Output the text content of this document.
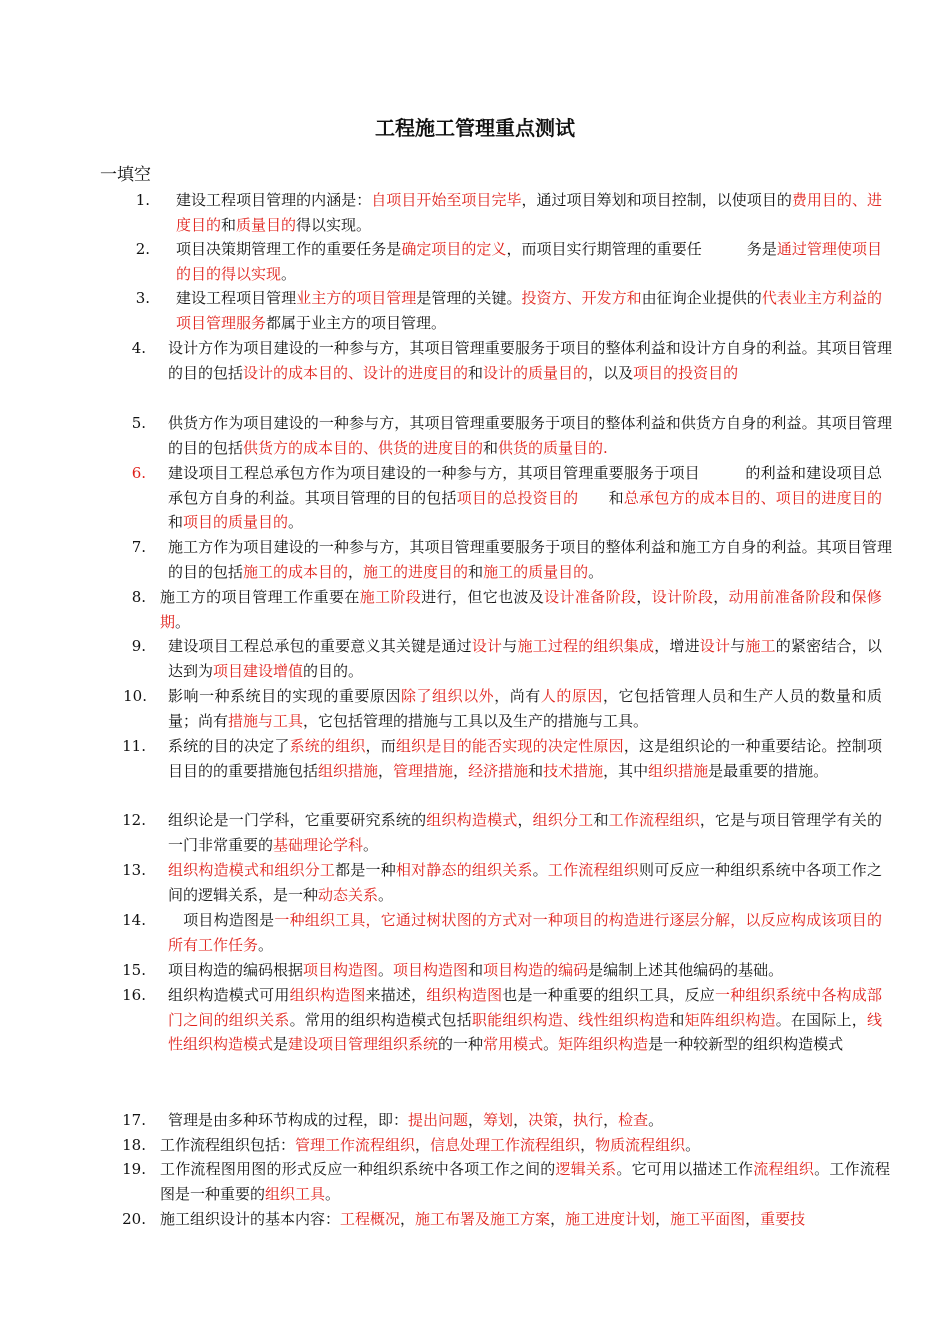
工程施工管理重点测试
一填空
1. 建设工程项目管理的内涵是：自项目开始至项目完毕，通过项目筹划和项目控制，以使项目的费用目的、进度目的和质量目的得以实现。
2. 项目决策期管理工作的重要任务是确定项目的定义，而项目实行期管理的重要任　　　务是通过管理使项目的目的得以实现。
3. 建设工程项目管理业主方的项目管理是管理的关键。投资方、开发方和由征询企业提供的代表业主方利益的项目管理服务都属于业主方的项目管理。
4. 设计方作为项目建设的一种参与方，其项目管理重要服务于项目的整体利益和设计方自身的利益。其项目管理的目的包括设计的成本目的、设计的进度目的和设计的质量目的，以及项目的投资目的
5. 供货方作为项目建设的一种参与方，其项目管理重要服务于项目的整体利益和供货方自身的利益。其项目管理的目的包括供货方的成本目的、供货的进度目的和供货的质量目的.
6. 建设项目工程总承包方作为项目建设的一种参与方，其项目管理重要服务于项目　　　的利益和建设项目总承包方自身的利益。其项目管理的目的包括项目的总投资目的　　和总承包方的成本目的、项目的进度目的和项目的质量目的。
7. 施工方作为项目建设的一种参与方，其项目管理重要服务于项目的整体利益和施工方自身的利益。其项目管理的目的包括施工的成本目的，施工的进度目的和施工的质量目的。
8. 施工方的项目管理工作重要在施工阶段进行，但它也波及设计准备阶段，设计阶段，动用前准备阶段和保修期。
9. 建设项目工程总承包的重要意义其关键是通过设计与施工过程的组织集成，增进设计与施工的紧密结合，以达到为项目建设增值的目的。
10. 影响一种系统目的实现的重要原因除了组织以外，尚有人的原因，它包括管理人员和生产人员的数量和质量；尚有措施与工具，它包括管理的措施与工具以及生产的措施与工具。
11. 系统的目的决定了系统的组织，而组织是目的能否实现的决定性原因，这是组织论的一种重要结论。控制项目目的的重要措施包括组织措施，管理措施，经济措施和技术措施，其中组织措施是最重要的措施。
12. 组织论是一门学科，它重要研究系统的组织构造模式，组织分工和工作流程组织，它是与项目管理学有关的一门非常重要的基础理论学科。
13. 组织构造模式和组织分工都是一种相对静态的组织关系。工作流程组织则可反应一种组织系统中各项工作之间的逻辑关系，是一种动态关系。
14. 　项目构造图是一种组织工具，它通过树状图的方式对一种项目的构造进行逐层分解，以反应构成该项目的所有工作任务。
15. 项目构造的编码根据项目构造图。项目构造图和项目构造的编码是编制上述其他编码的基础。
16. 组织构造模式可用组织构造图来描述，组织构造图也是一种重要的组织工具，反应一种组织系统中各构成部门之间的组织关系。常用的组织构造模式包括职能组织构造、线性组织构造和矩阵组织构造。在国际上，线性组织构造模式是建设项目管理组织系统的一种常用模式。矩阵组织构造是一种较新型的组织构造模式
17. 管理是由多种环节构成的过程，即：提出问题，筹划，决策，执行，检查。
18. 工作流程组织包括：管理工作流程组织，信息处理工作流程组织，物质流程组织。
19. 工作流程图用图的形式反应一种组织系统中各项工作之间的逻辑关系。它可用以描述工作流程组织。工作流程图是一种重要的组织工具。
20. 施工组织设计的基本内容：工程概况，施工布署及施工方案，施工进度计划，施工平面图，重要技
